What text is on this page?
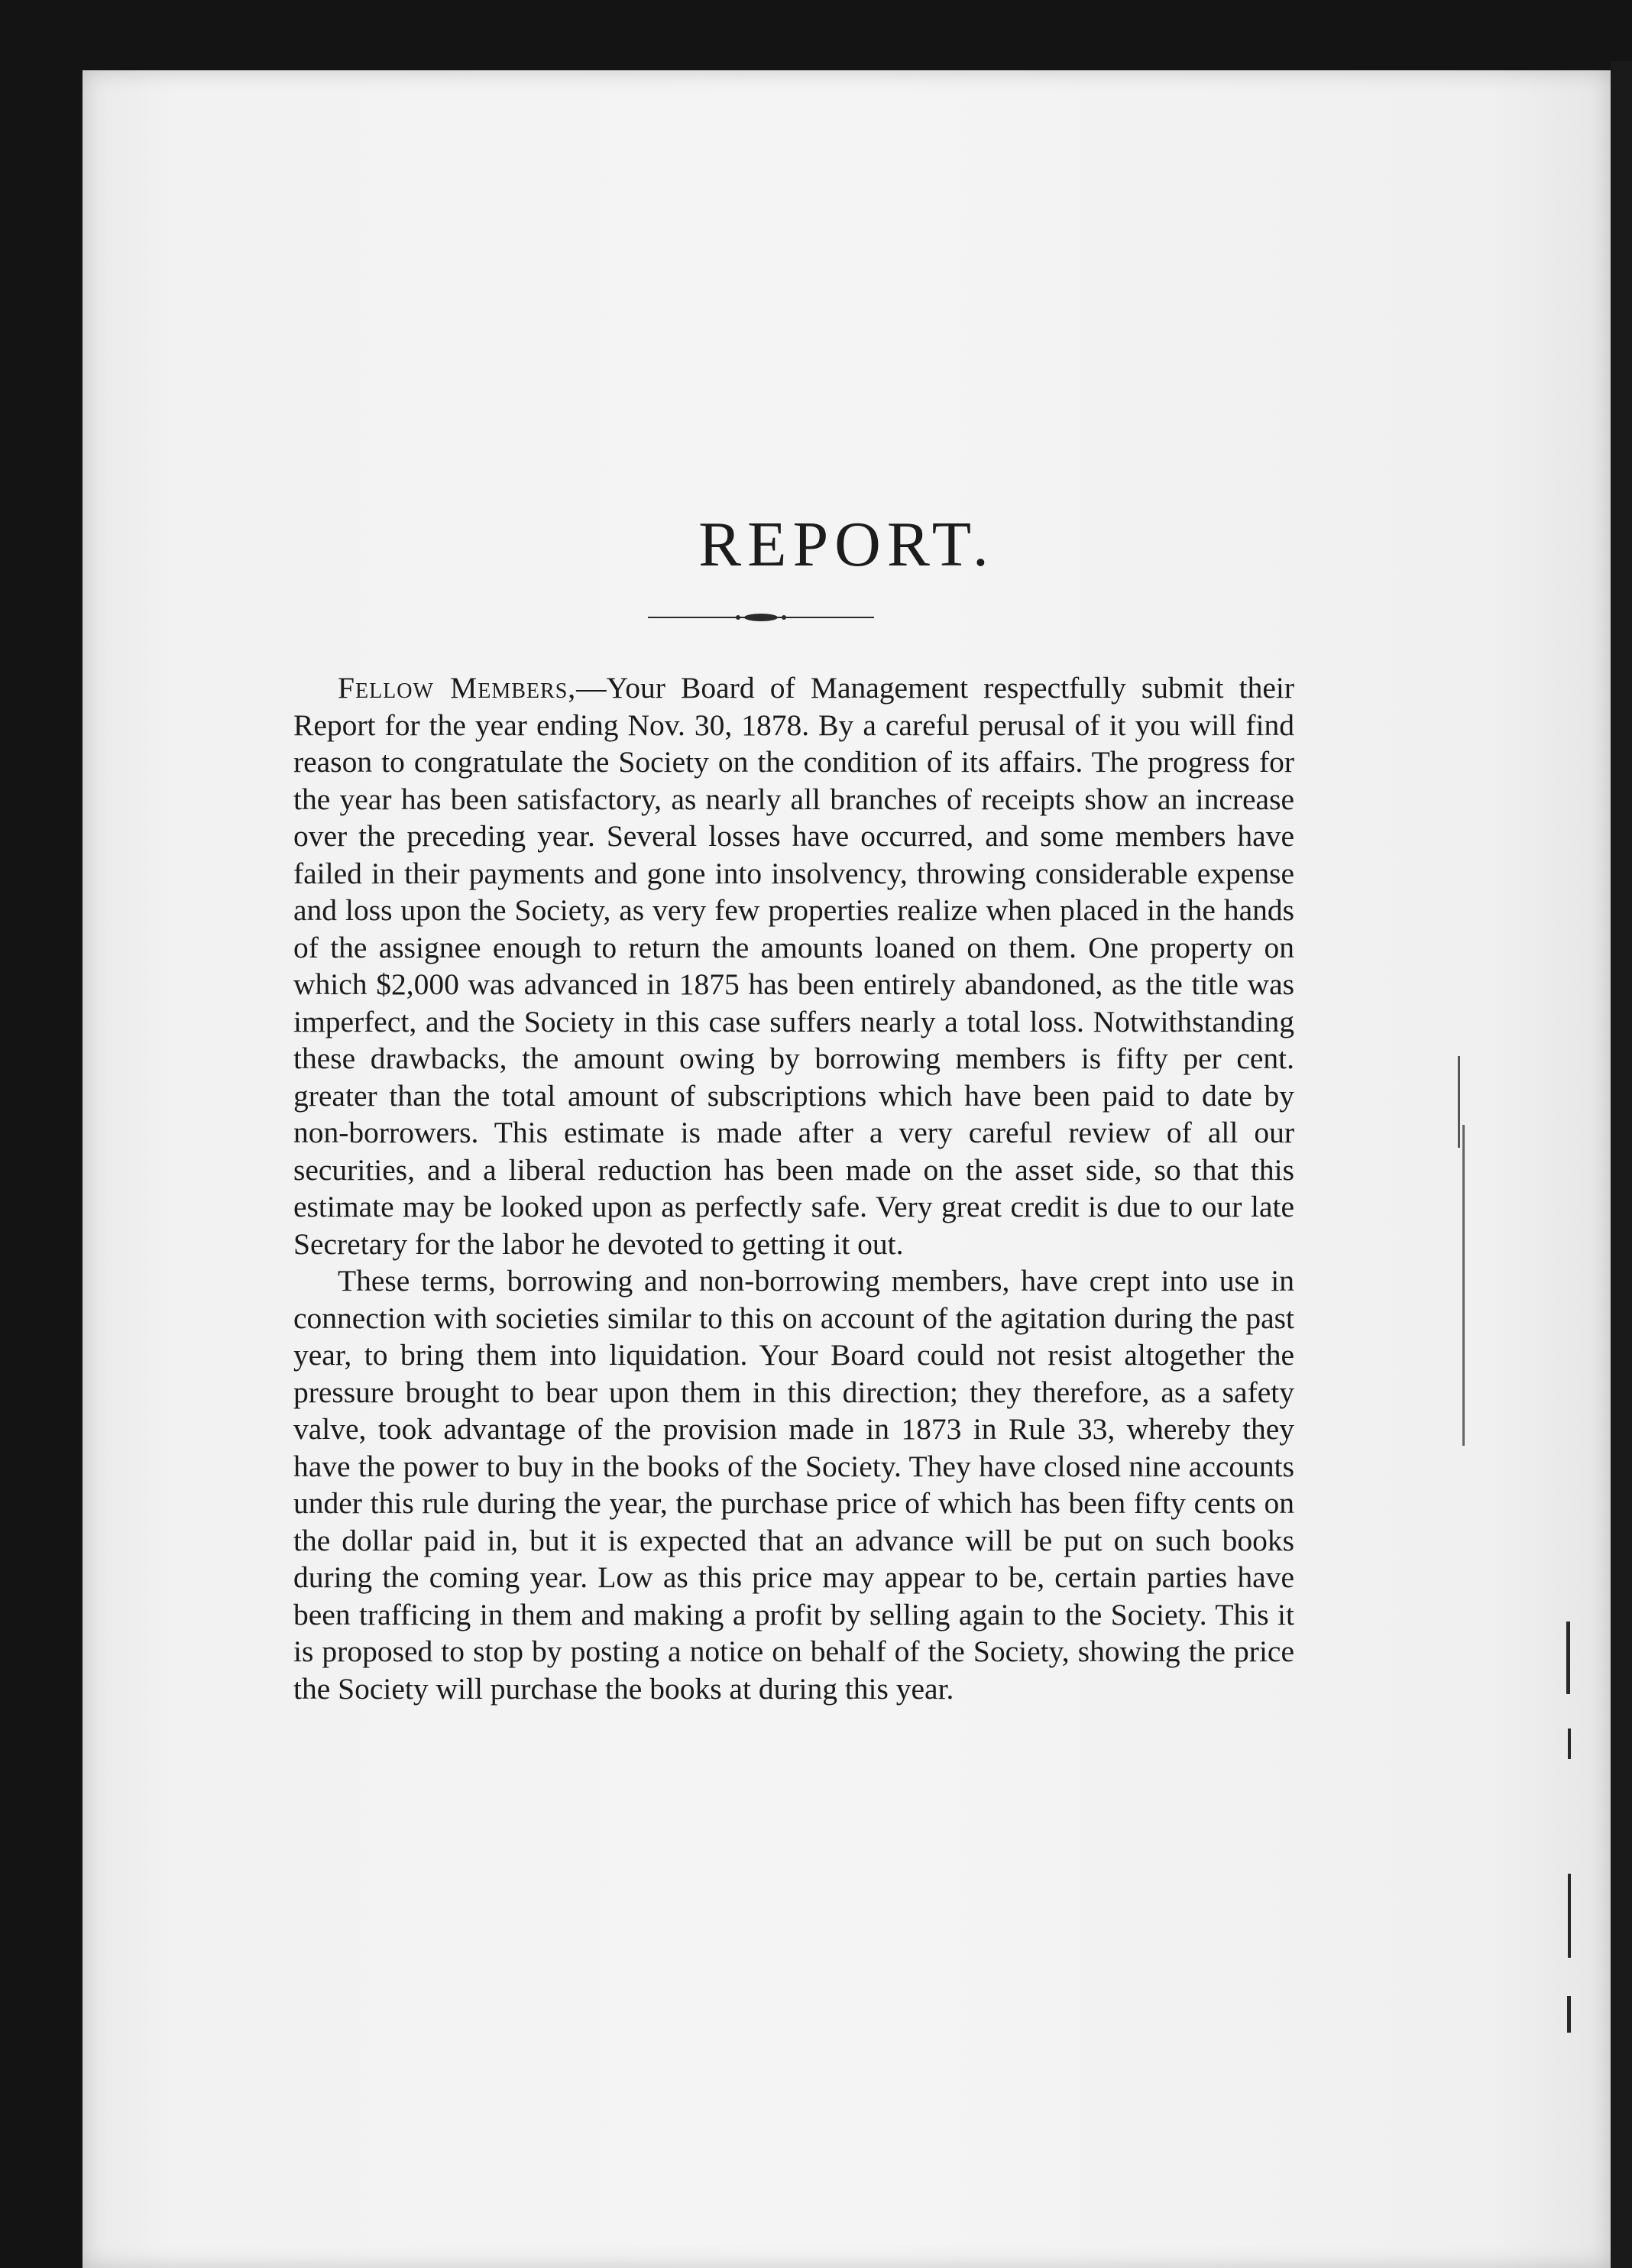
REPORT.

Fellow Members,—Your Board of Management respectfully submit their Report for the year ending Nov. 30, 1878. By a careful perusal of it you will find reason to congratulate the Society on the condition of its affairs. The progress for the year has been satisfactory, as nearly all branches of receipts show an increase over the preceding year. Several losses have occurred, and some members have failed in their payments and gone into insolvency, throwing considerable expense and loss upon the Society, as very few properties realize when placed in the hands of the assignee enough to return the amounts loaned on them. One property on which $2,000 was advanced in 1875 has been entirely abandoned, as the title was imperfect, and the Society in this case suffers nearly a total loss. Notwithstanding these drawbacks, the amount owing by borrowing members is fifty per cent. greater than the total amount of subscriptions which have been paid to date by non-borrowers. This estimate is made after a very careful review of all our securities, and a liberal reduction has been made on the asset side, so that this estimate may be looked upon as perfectly safe. Very great credit is due to our late Secretary for the labor he devoted to getting it out.

These terms, borrowing and non-borrowing members, have crept into use in connection with societies similar to this on account of the agitation during the past year, to bring them into liquidation. Your Board could not resist altogether the pressure brought to bear upon them in this direction; they therefore, as a safety valve, took advantage of the provision made in 1873 in Rule 33, whereby they have the power to buy in the books of the Society. They have closed nine accounts under this rule during the year, the purchase price of which has been fifty cents on the dollar paid in, but it is expected that an advance will be put on such books during the coming year. Low as this price may appear to be, certain parties have been trafficing in them and making a profit by selling again to the Society. This it is proposed to stop by posting a notice on behalf of the Society, showing the price the Society will purchase the books at during this year.
